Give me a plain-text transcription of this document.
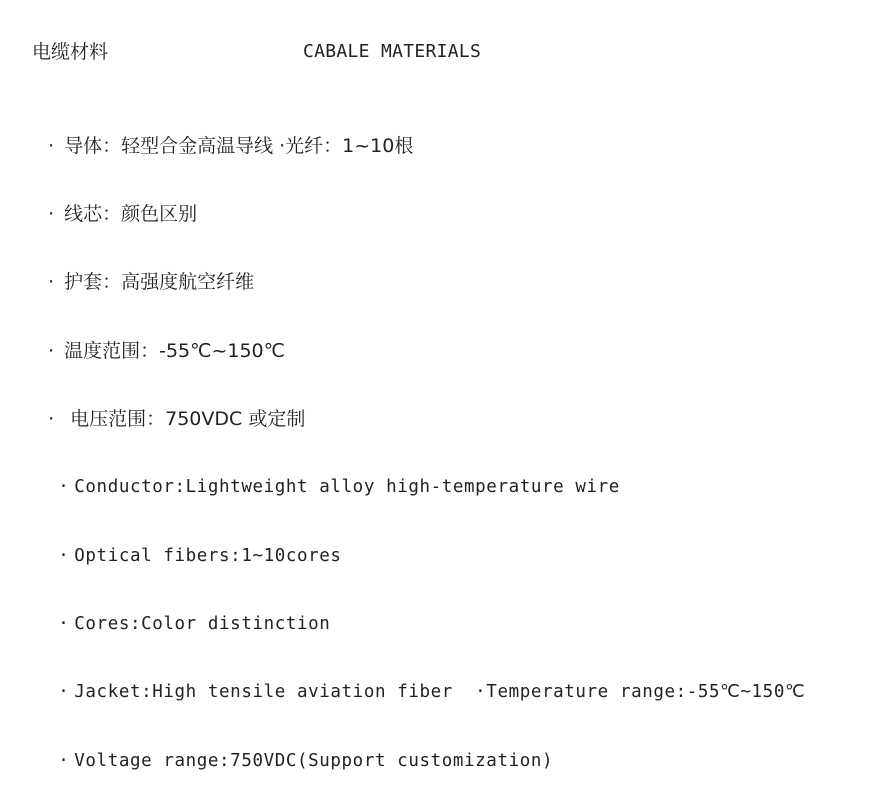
电缆材料	CABALE MATERIALS

· 导体：轻型合金高温导线 ·光纤：1~10根

· 线芯：颜色区别

· 护套：高强度航空纤维

· 温度范围：-55℃~150℃

· 电压范围：750VDC 或定制

· Conductor:Lightweight alloy high-temperature wire

· Optical fibers:1~10cores

· Cores:Color distinction

· Jacket:High tensile aviation fiber  ·Temperature range:-55℃~150℃

· Voltage range:750VDC(Support customization)
